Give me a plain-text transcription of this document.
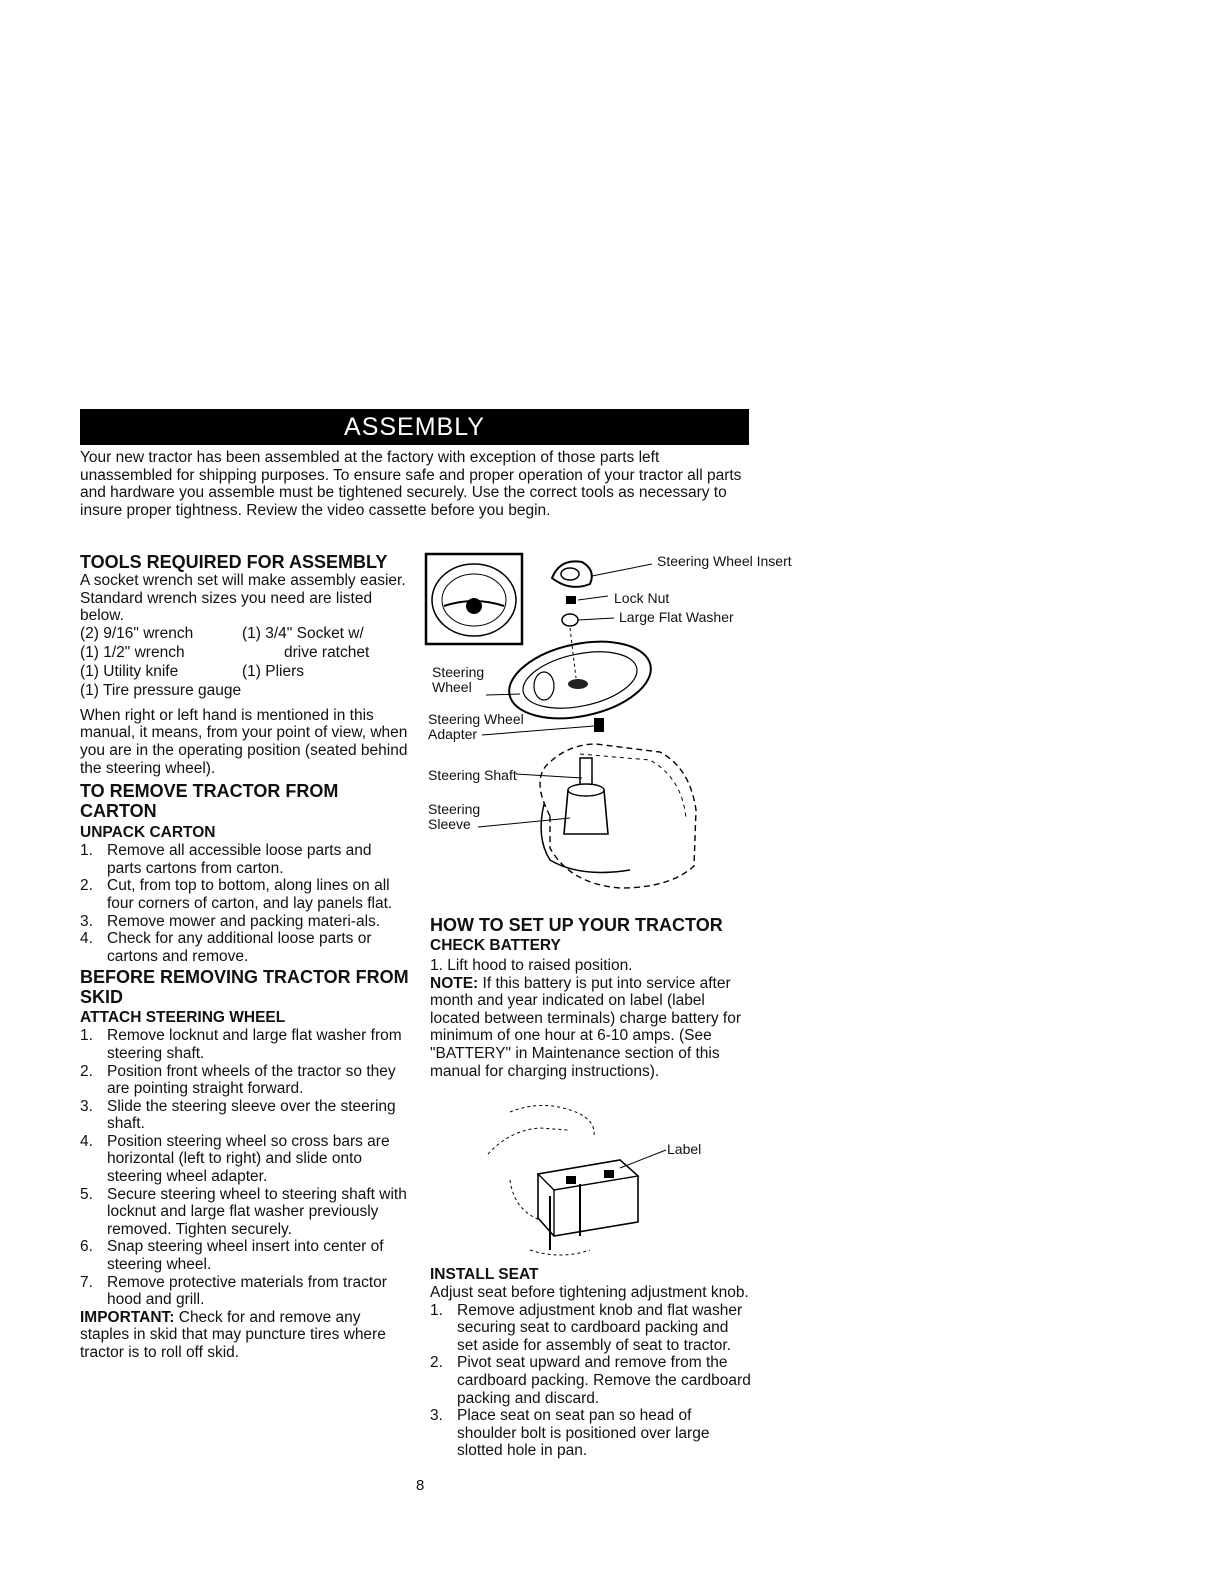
ASSEMBLY
Your new tractor has been assembled at the factory with exception of those parts left unassembled for shipping purposes. To ensure safe and proper operation of your tractor all parts and hardware you assemble must be tightened securely. Use the correct tools as necessary to insure proper tightness. Review the video cassette before you begin.
TOOLS REQUIRED FOR ASSEMBLY
A socket wrench set will make assembly easier. Standard wrench sizes you need are listed below.
(2) 9/16" wrench
(1) 1/2" wrench
(1) Utility knife
(1) Tire pressure gauge
(1) 3/4" Socket w/
drive ratchet
(1) Pliers
When right or left hand is mentioned in this manual, it means, from your point of view, when you are in the operating position (seated behind the steering wheel).
TO REMOVE TRACTOR FROM CARTON
UNPACK CARTON
1. Remove all accessible loose parts and parts cartons from carton.
2. Cut, from top to bottom, along lines on all four corners of carton, and lay panels flat.
3. Remove mower and packing materi-als.
4. Check for any additional loose parts or cartons and remove.
BEFORE REMOVING TRACTOR FROM SKID
ATTACH STEERING WHEEL
1. Remove locknut and large flat washer from steering shaft.
2. Position front wheels of the tractor so they are pointing straight forward.
3. Slide the steering sleeve over the steering shaft.
4. Position steering wheel so cross bars are horizontal (left to right) and slide onto steering wheel adapter.
5. Secure steering wheel to steering shaft with locknut and large flat washer previously removed. Tighten securely.
6. Snap steering wheel insert into center of steering wheel.
7. Remove protective materials from tractor hood and grill.
IMPORTANT: Check for and remove any staples in skid that may puncture tires where tractor is to roll off skid.
Steering Wheel Insert
Lock Nut
Large Flat Washer
Steering Wheel
Steering Wheel Adapter
Steering Shaft
Steering Sleeve
HOW TO SET UP YOUR TRACTOR
CHECK BATTERY
1. Lift hood to raised position.
NOTE: If this battery is put into service after month and year indicated on label (label located between terminals) charge battery for minimum of one hour at 6-10 amps. (See "BATTERY" in Maintenance section of this manual for charging instructions).
Label
INSTALL SEAT
Adjust seat before tightening adjustment knob.
1. Remove adjustment knob and flat washer securing seat to cardboard packing and set aside for assembly of seat to tractor.
2. Pivot seat upward and remove from the cardboard packing. Remove the cardboard packing and discard.
3. Place seat on seat pan so head of shoulder bolt is positioned over large slotted hole in pan.
8
